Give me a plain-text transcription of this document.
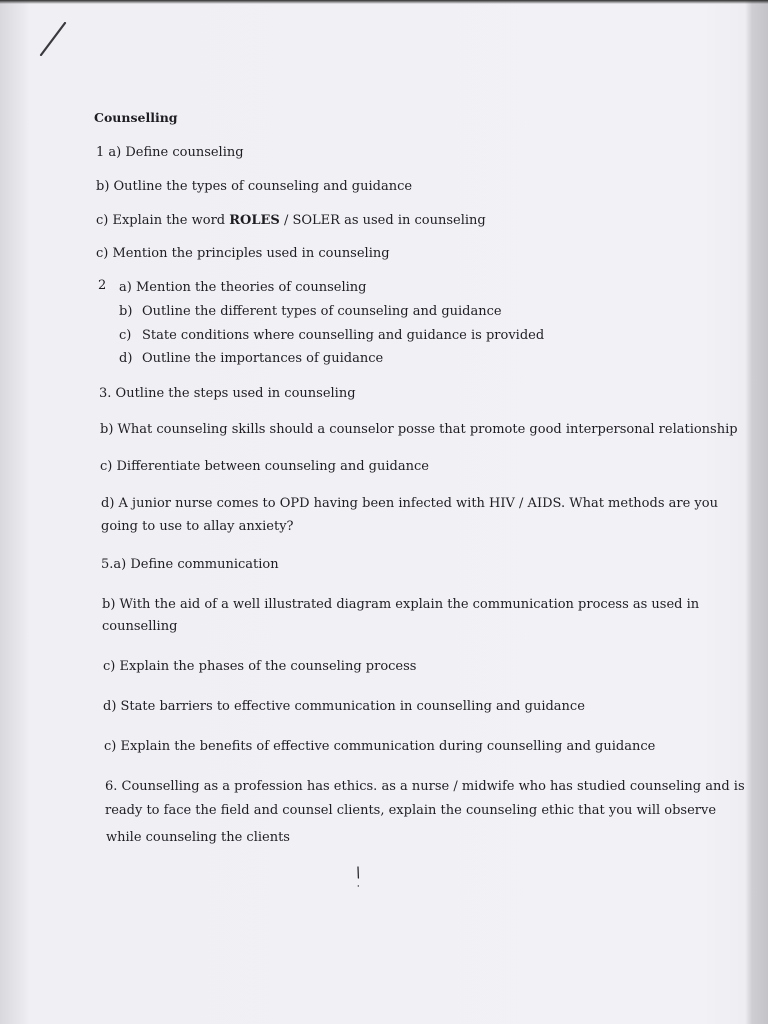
Counselling
1 a) Define counseling
b) Outline the types of counseling and guidance
c) Explain the word ROLES / SOLER as used in counseling
c) Mention the principles used in counseling
2 a) Mention the theories of counseling
b) Outline the different types of counseling and guidance
c) State conditions where counselling and guidance is provided
d) Outline the importances of guidance
3. Outline the steps used in counseling
b) What counseling skills should a counselor posse that promote good interpersonal relationship
c) Differentiate between counseling and guidance
d) A junior nurse comes to OPD having been infected with HIV / AIDS. What methods are you
going to use to allay anxiety?
5.a) Define communication
b) With the aid of a well illustrated diagram explain the communication process as used in
counselling
c) Explain the phases of the counseling process
d) State barriers to effective communication in counselling and guidance
c) Explain the benefits of effective communication during counselling and guidance
6. Counselling as a profession has ethics. as a nurse / midwife who has studied counseling and is
ready to face the field and counsel clients, explain the counseling ethic that you will observe
while counseling the clients
